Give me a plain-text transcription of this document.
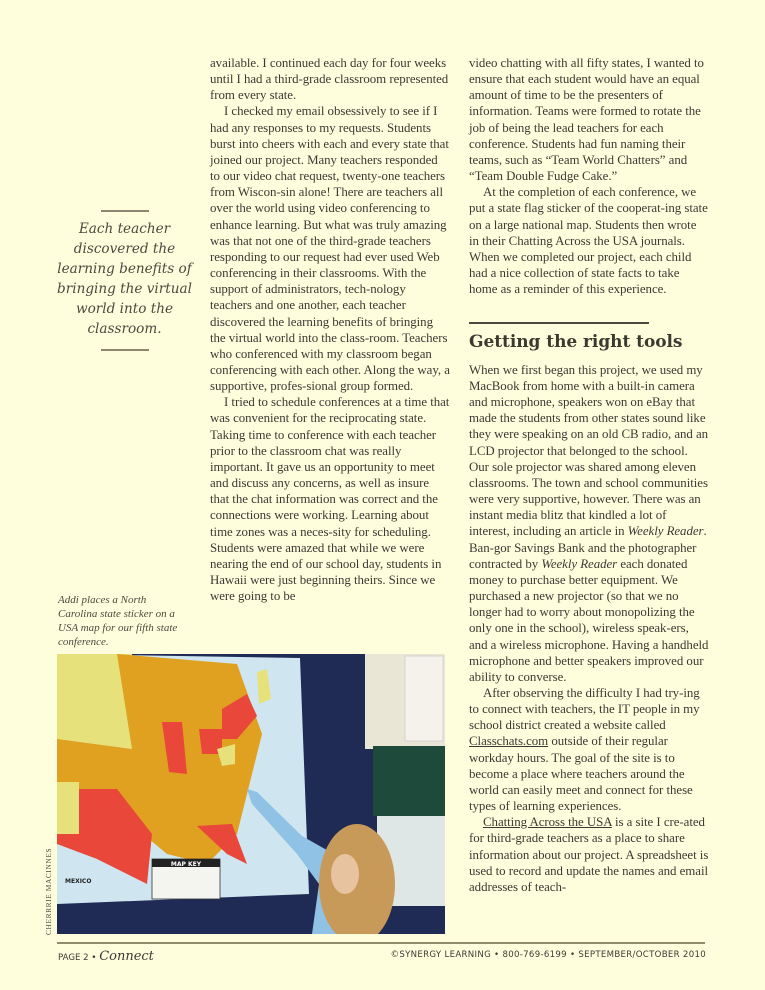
Each teacher discovered the learning benefits of bringing the virtual world into the classroom.
Addi places a North Carolina state sticker on a USA map for our fifth state conference.

available. I continued each day for four weeks until I had a third-grade classroom represented from every state.

I checked my email obsessively to see if I had any responses to my requests. Students burst into cheers with each and every state that joined our project. Many teachers responded to our video chat request, twenty-one teachers from Wiscon-sin alone! There are teachers all over the world using video conferencing to enhance learning. But what was truly amazing was that not one of the third-grade teachers responding to our request had ever used Web conferencing in their classrooms. With the support of administrators, tech-nology teachers and one another, each teacher discovered the learning benefits of bringing the virtual world into the class-room. Teachers who conferenced with my classroom began conferencing with each other. Along the way, a supportive, profes-sional group formed.

I tried to schedule conferences at a time that was convenient for the reciprocating state. Taking time to conference with each teacher prior to the classroom chat was really important. It gave us an opportunity to meet and discuss any concerns, as well as insure that the chat information was correct and the connections were working. Learning about time zones was a neces-sity for scheduling. Students were amazed that while we were nearing the end of our school day, students in Hawaii were just beginning theirs. Since we were going to be

video chatting with all fifty states, I wanted to ensure that each student would have an equal amount of time to be the presenters of information. Teams were formed to rotate the job of being the lead teachers for each conference. Students had fun naming their teams, such as “Team World Chatters” and “Team Double Fudge Cake.”

At the completion of each conference, we put a state flag sticker of the cooperat-ing state on a large national map. Students then wrote in their Chatting Across the USA journals. When we completed our project, each child had a nice collection of state facts to take home as a reminder of this experience.

Getting the right tools

When we first began this project, we used my MacBook from home with a built-in camera and microphone, speakers won on eBay that made the students from other states sound like they were speaking on an old CB radio, and an LCD projector that belonged to the school. Our sole projector was shared among eleven classrooms. The town and school communities were very supportive, however. There was an instant media blitz that kindled a lot of interest, including an article in Weekly Reader. Ban-gor Savings Bank and the photographer contracted by Weekly Reader each donated money to purchase better equipment. We purchased a new projector (so that we no longer had to worry about monopolizing the only one in the school), wireless speak-ers, and a wireless microphone. Having a handheld microphone and better speakers improved our ability to converse.

After observing the difficulty I had try-ing to connect with teachers, the IT people in my school district created a website called Classchats.com outside of their regular workday hours. The goal of the site is to become a place where teachers around the world can easily meet and connect for these types of learning experiences.

Chatting Across the USA is a site I cre-ated for third-grade teachers as a place to share information about our project. A spreadsheet is used to record and update the names and email addresses of teach-

MAP KEY
MEXICO
CHERRRIE MACINNES
PAGE 2 • Connect	©SYNERGY LEARNING • 800-769-6199 • SEPTEMBER/OCTOBER 2010
